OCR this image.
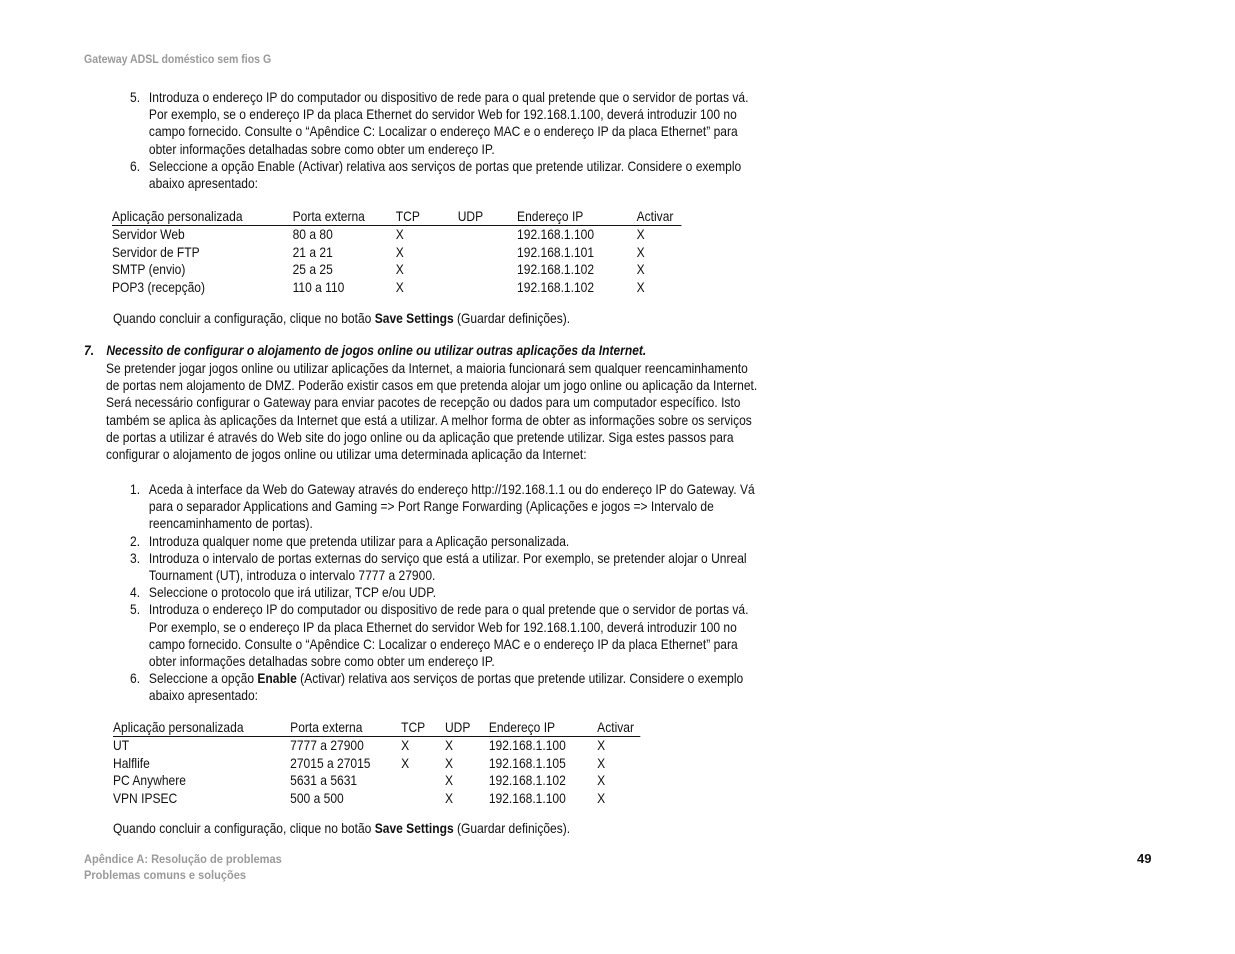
Gateway ADSL doméstico sem fios G
5. Introduza o endereço IP do computador ou dispositivo de rede para o qual pretende que o servidor de portas vá. Por exemplo, se o endereço IP da placa Ethernet do servidor Web for 192.168.1.100, deverá introduzir 100 no campo fornecido. Consulte o “Apêndice C: Localizar o endereço MAC e o endereço IP da placa Ethernet” para obter informações detalhadas sobre como obter um endereço IP.
6. Seleccione a opção Enable (Activar) relativa aos serviços de portas que pretende utilizar. Considere o exemplo abaixo apresentado:
Aplicação personalizada	Porta externa	TCP	UDP	Endereço IP	Activar
Servidor Web	80 a 80	X		192.168.1.100	X
Servidor de FTP	21 a 21	X		192.168.1.101	X
SMTP (envio)	25 a 25	X		192.168.1.102	X
POP3 (recepção)	110 a 110	X		192.168.1.102	X
Quando concluir a configuração, clique no botão Save Settings (Guardar definições).
7. Necessito de configurar o alojamento de jogos online ou utilizar outras aplicações da Internet.
Se pretender jogar jogos online ou utilizar aplicações da Internet, a maioria funcionará sem qualquer reencaminhamento de portas nem alojamento de DMZ. Poderão existir casos em que pretenda alojar um jogo online ou aplicação da Internet. Será necessário configurar o Gateway para enviar pacotes de recepção ou dados para um computador específico. Isto também se aplica às aplicações da Internet que está a utilizar. A melhor forma de obter as informações sobre os serviços de portas a utilizar é através do Web site do jogo online ou da aplicação que pretende utilizar. Siga estes passos para configurar o alojamento de jogos online ou utilizar uma determinada aplicação da Internet:
1. Aceda à interface da Web do Gateway através do endereço http://192.168.1.1 ou do endereço IP do Gateway. Vá para o separador Applications and Gaming => Port Range Forwarding (Aplicações e jogos => Intervalo de reencaminhamento de portas).
2. Introduza qualquer nome que pretenda utilizar para a Aplicação personalizada.
3. Introduza o intervalo de portas externas do serviço que está a utilizar. Por exemplo, se pretender alojar o Unreal Tournament (UT), introduza o intervalo 7777 a 27900.
4. Seleccione o protocolo que irá utilizar, TCP e/ou UDP.
5. Introduza o endereço IP do computador ou dispositivo de rede para o qual pretende que o servidor de portas vá. Por exemplo, se o endereço IP da placa Ethernet do servidor Web for 192.168.1.100, deverá introduzir 100 no campo fornecido. Consulte o “Apêndice C: Localizar o endereço MAC e o endereço IP da placa Ethernet” para obter informações detalhadas sobre como obter um endereço IP.
6. Seleccione a opção Enable (Activar) relativa aos serviços de portas que pretende utilizar. Considere o exemplo abaixo apresentado:
Aplicação personalizada	Porta externa	TCP	UDP	Endereço IP	Activar
UT	7777 a 27900	X	X	192.168.1.100	X
Halflife	27015 a 27015	X	X	192.168.1.105	X
PC Anywhere	5631 a 5631		X	192.168.1.102	X
VPN IPSEC	500 a 500		X	192.168.1.100	X
Quando concluir a configuração, clique no botão Save Settings (Guardar definições).
Apêndice A: Resolução de problemas
Problemas comuns e soluções
49
